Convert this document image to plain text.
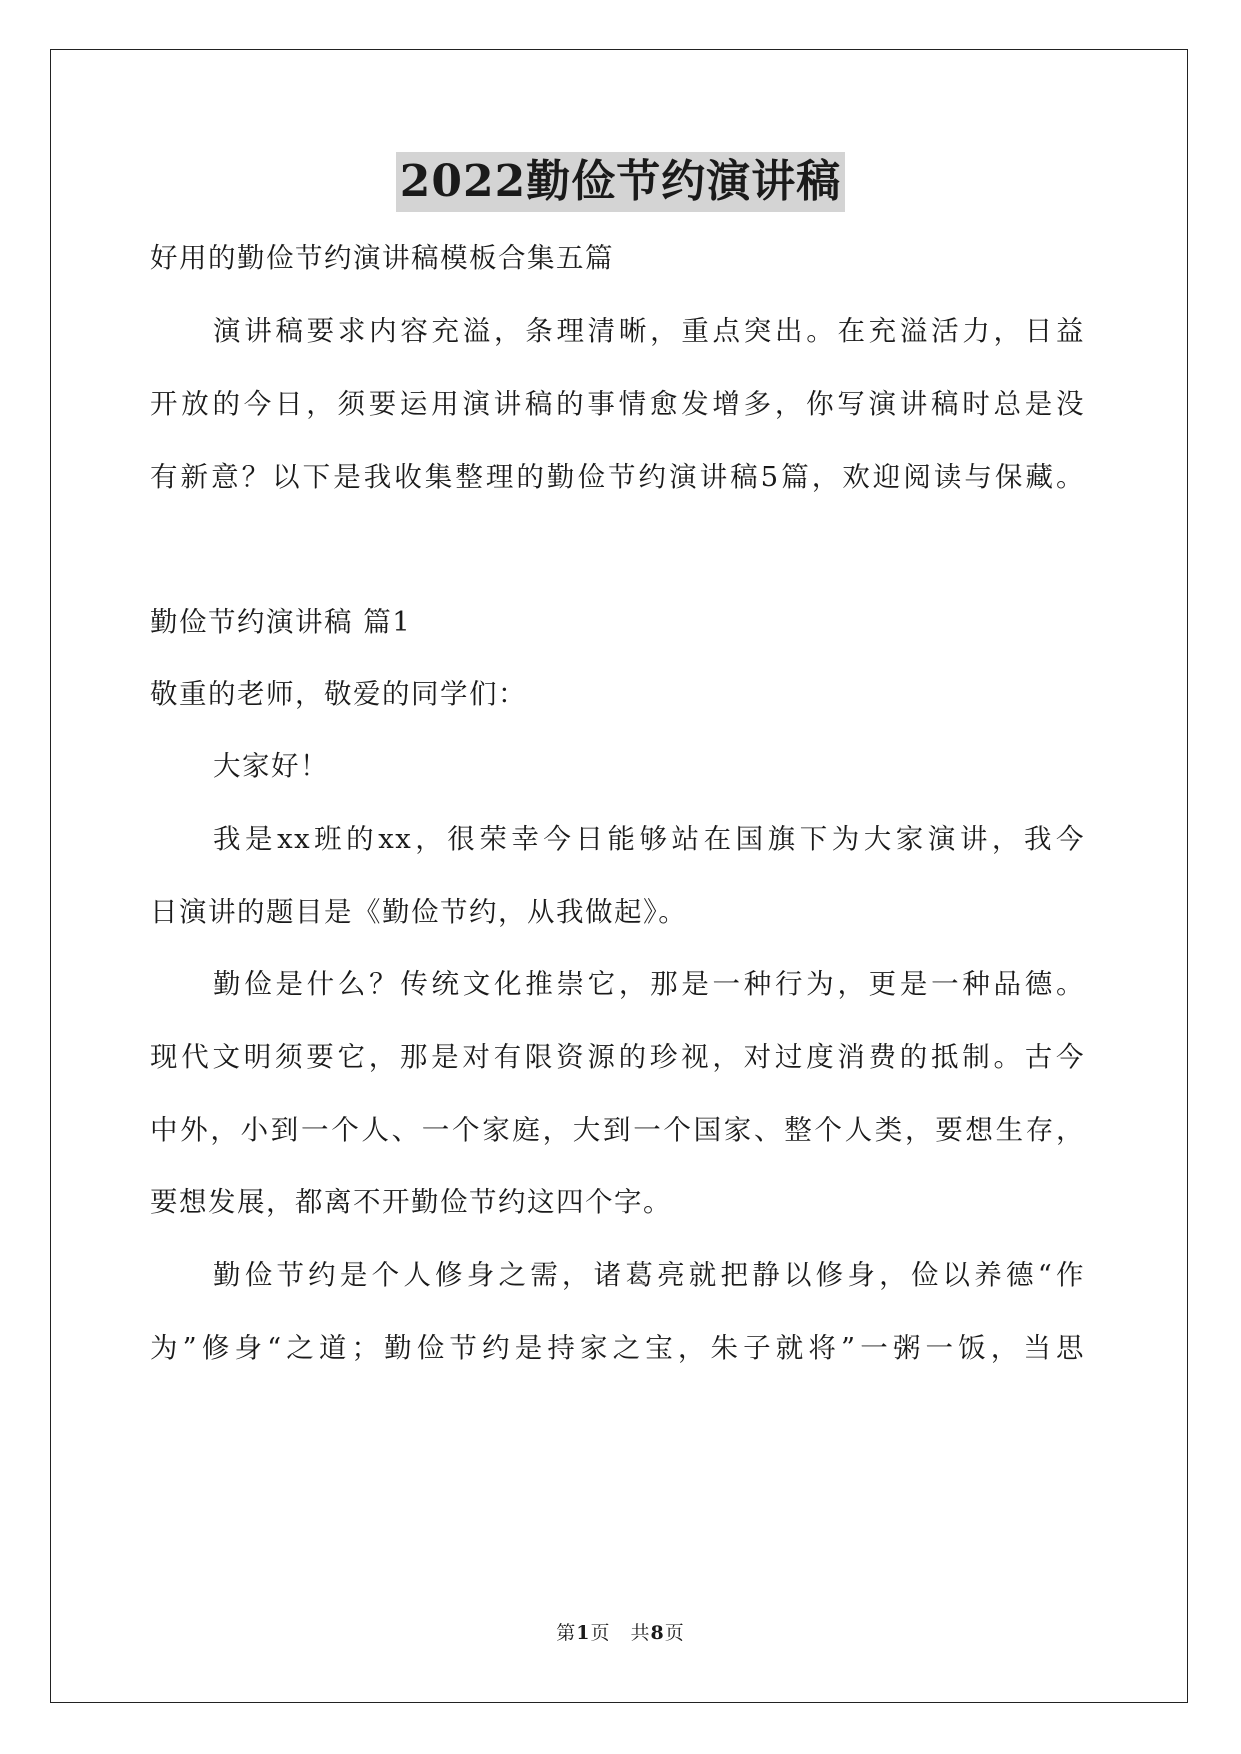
2022勤俭节约演讲稿
好用的勤俭节约演讲稿模板合集五篇
演讲稿要求内容充溢，条理清晰，重点突出。在充溢活力，日益
开放的今日，须要运用演讲稿的事情愈发增多，你写演讲稿时总是没
有新意？以下是我收集整理的勤俭节约演讲稿5篇，欢迎阅读与保藏。
勤俭节约演讲稿 篇1
敬重的老师，敬爱的同学们：
大家好！
我是xx班的xx，很荣幸今日能够站在国旗下为大家演讲，我今
日演讲的题目是《勤俭节约，从我做起》。
勤俭是什么？传统文化推崇它，那是一种行为，更是一种品德。
现代文明须要它，那是对有限资源的珍视，对过度消费的抵制。古今
中外，小到一个人、一个家庭，大到一个国家、整个人类，要想生存，
要想发展，都离不开勤俭节约这四个字。
勤俭节约是个人修身之需，诸葛亮就把静以修身，俭以养德“作
为”修身“之道；勤俭节约是持家之宝，朱子就将”一粥一饭，当思
第1页 共8页
